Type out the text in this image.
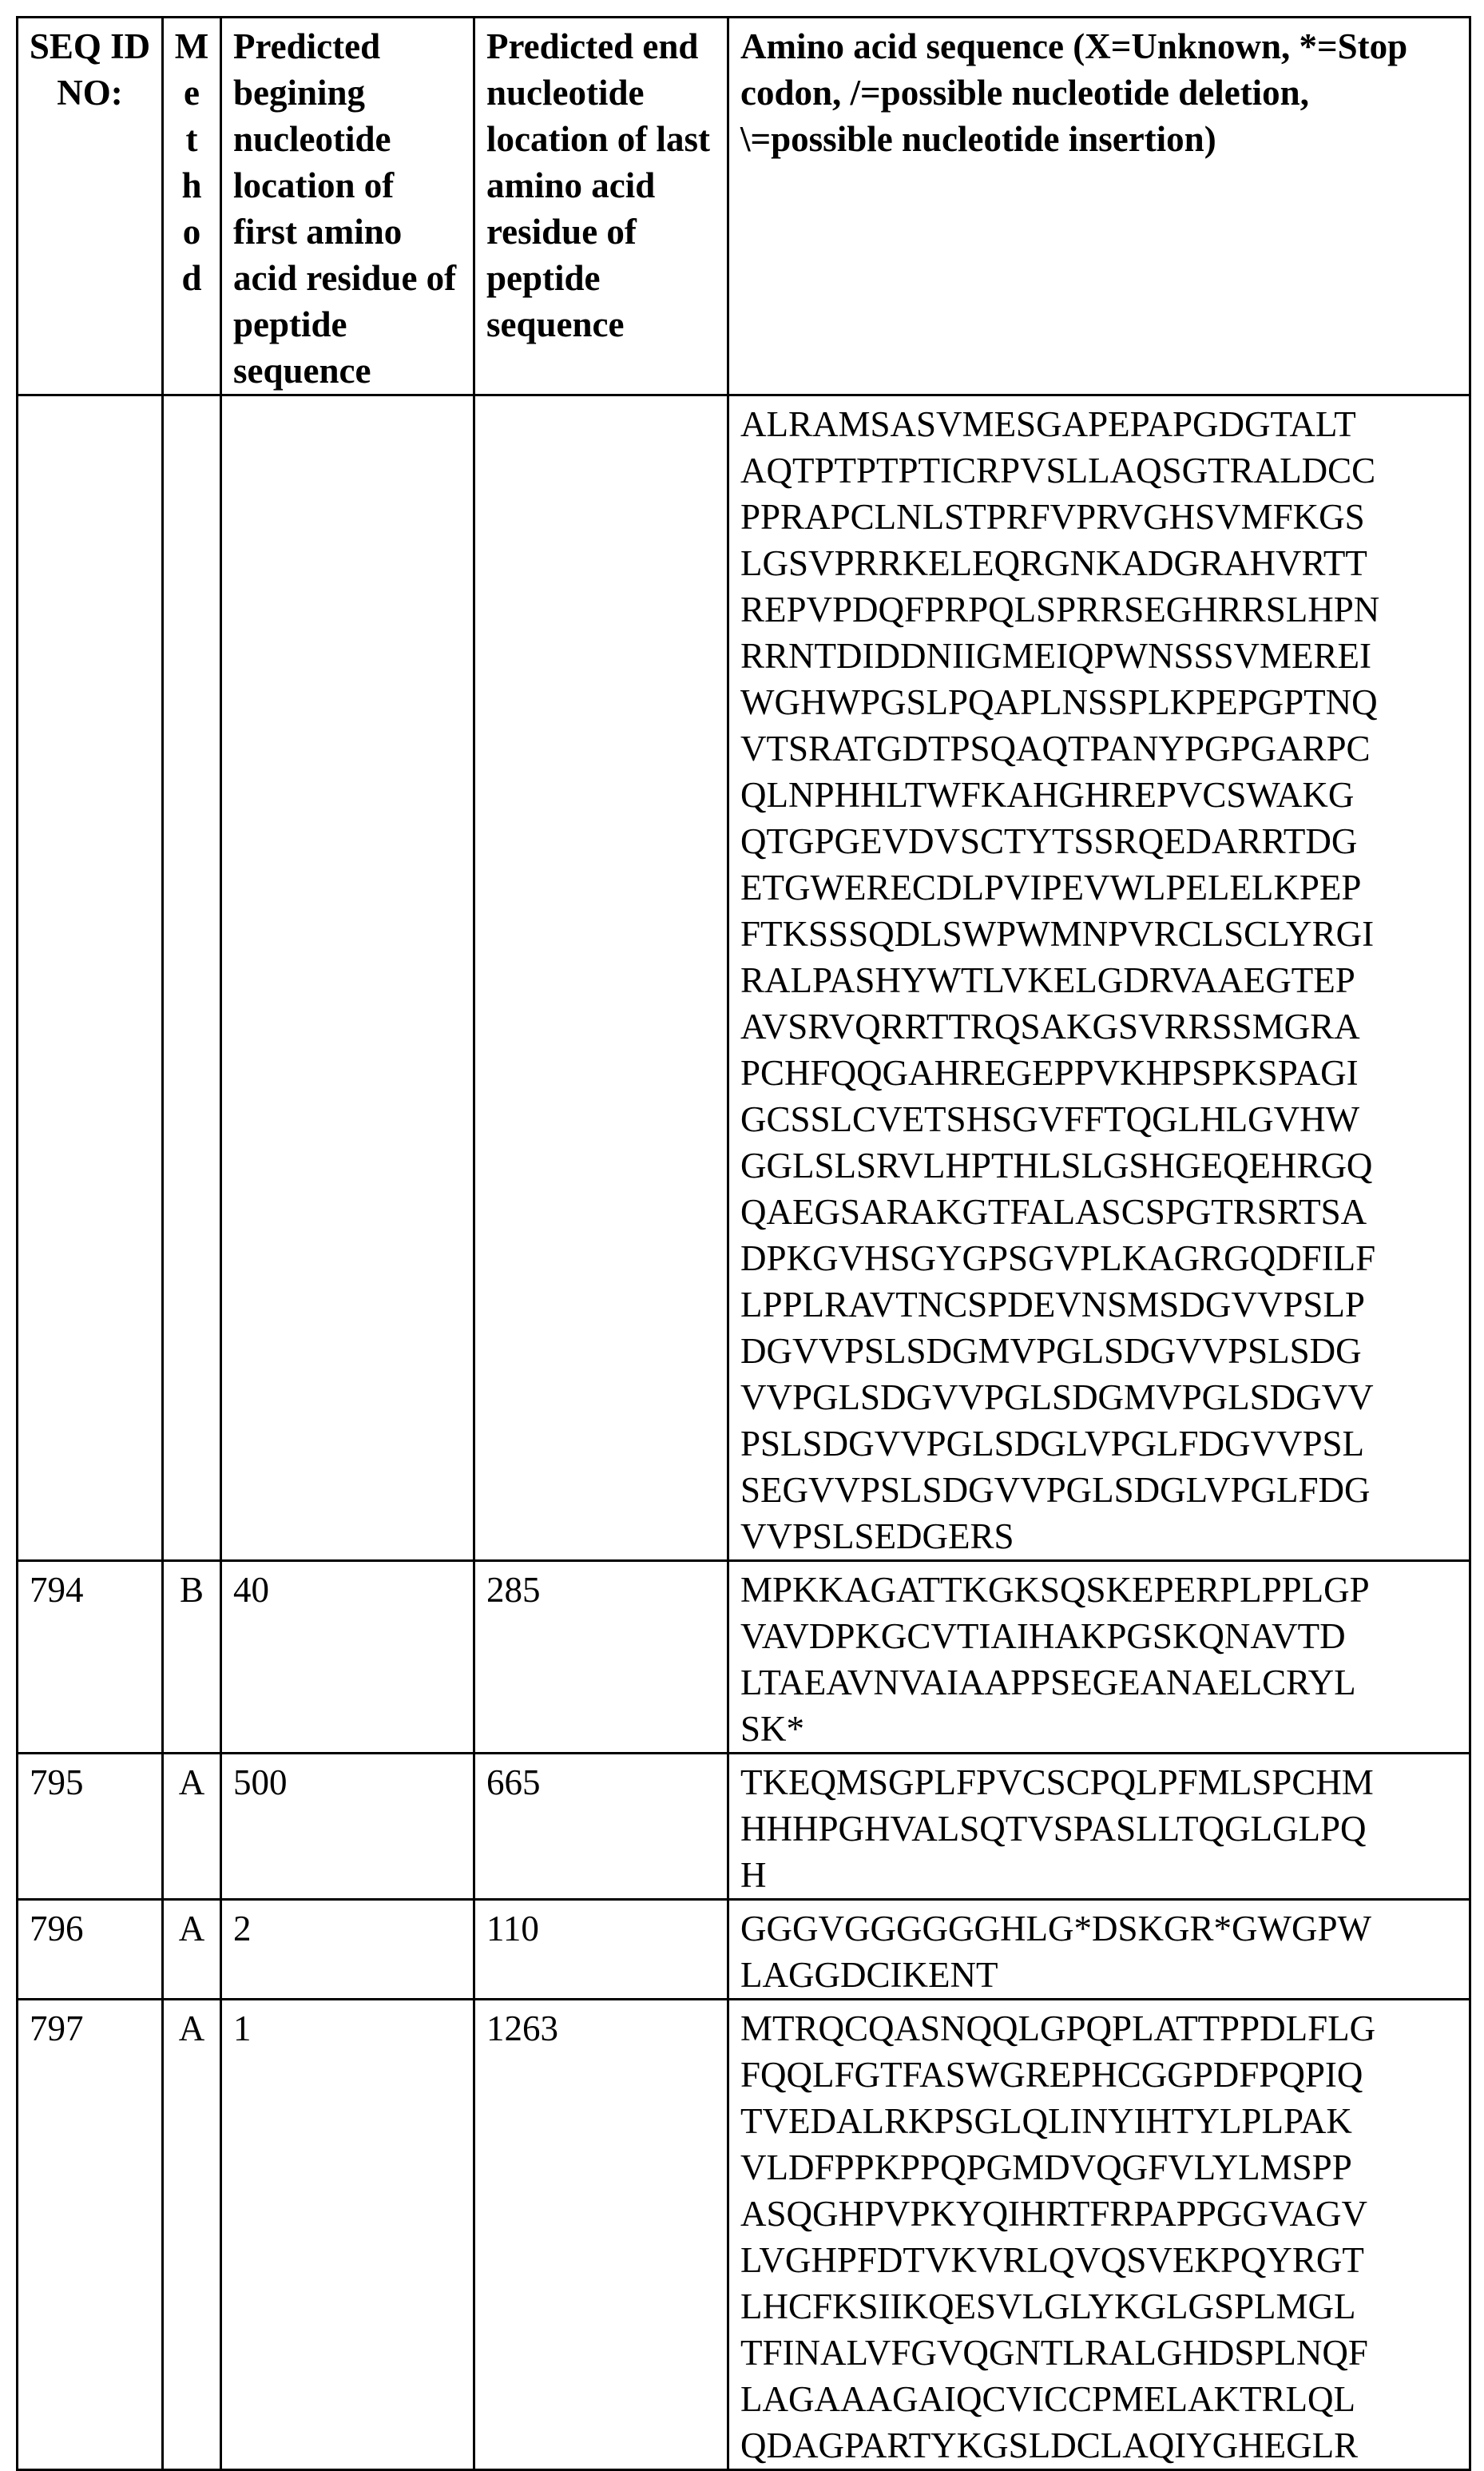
SEQ ID NO:	M e t h o d	Predicted begining nucleotide location of first amino acid residue of peptide sequence	Predicted end nucleotide location of last amino acid residue of peptide sequence	Amino acid sequence (X=Unknown, *=Stop codon, /=possible nucleotide deletion, \=possible nucleotide insertion)
				ALRAMSASVMESGAPEPAPGDGTALT
AQTPTPTPTICRPVSLLAQSGTRALDCC
PPRAPCLNLSTPRFVPRVGHSVMFKGS
LGSVPRRKELEQRGNKADGRAHVRTT
REPVPDQFPRPQLSPRRSEGHRRSLHPN
RRNTDIDDNIIGMEIQPWNSSSVMEREI
WGHWPGSLPQAPLNSSPLKPEPGPTNQ
VTSRATGDTPSQAQTPANYPGPGARPC
QLNPHHLTWFKAHGHREPVCSWAKG
QTGPGEVDVSCTYTSSRQEDARRTDG
ETGWERECDLPVIPEVWLPELELKPEP
FTKSSSQDLSWPWMNPVRCLSCLYRGI
RALPASHYWTLVKELGDRVAAEGTEP
AVSRVQRRTTRQSAKGSVRRSSMGRA
PCHFQQGAHREGEPPVKHPSPKSPAGI
GCSSLCVETSHSGVFFTQGLHLGVHW
GGLSLSRVLHPTHLSLGSHGEQEHRGQ
QAEGSARAKGTFALASCSPGTRSRTSA
DPKGVHSGYGPSGVPLKAGRGQDFILF
LPPLRAVTNCSPDEVNSMSDGVVPSLP
DGVVPSLSDGMVPGLSDGVVPSLSDG
VVPGLSDGVVPGLSDGMVPGLSDGVV
PSLSDGVVPGLSDGLVPGLFDGVVPSL
SEGVVPSLSDGVVPGLSDGLVPGLFDG
VVPSLSEDGERS
794	B	40	285	MPKKAGATTKGKSQSKEPERPLPPLGP
VAVDPKGCVTIAIHAKPGSKQNAVTD
LTAEAVNVAIAAPPSEGEANAELCRYL
SK*
795	A	500	665	TKEQMSGPLFPVCSCPQLPFMLSPCHM
HHHPGHVALSQTVSPASLLTQGLGLPQ
H
796	A	2	110	GGGVGGGGGGHLG*DSKGR*GWGPW
LAGGDCIKENT
797	A	1	1263	MTRQCQASNQQLGPQPLATTPPDLFLG
FQQLFGTFASWGREPHCGGPDFPQPIQ
TVEDALRKPSGLQLINYIHTYLPLPAK
VLDFPPKPPQPGMDVQGFVLYLMSPP
ASQGHPVPKYQIHRTFRPAPPGGVAGV
LVGHPFDTVKVRLQVQSVEKPQYRGT
LHCFKSIIKQESVLGLYKGLGSPLMGL
TFINALVFGVQGNTLRALGHDSPLNQF
LAGAAAGAIQCVICCPMELAKTRLQL
QDAGPARTYKGSLDCLAQIYGHEGLR
